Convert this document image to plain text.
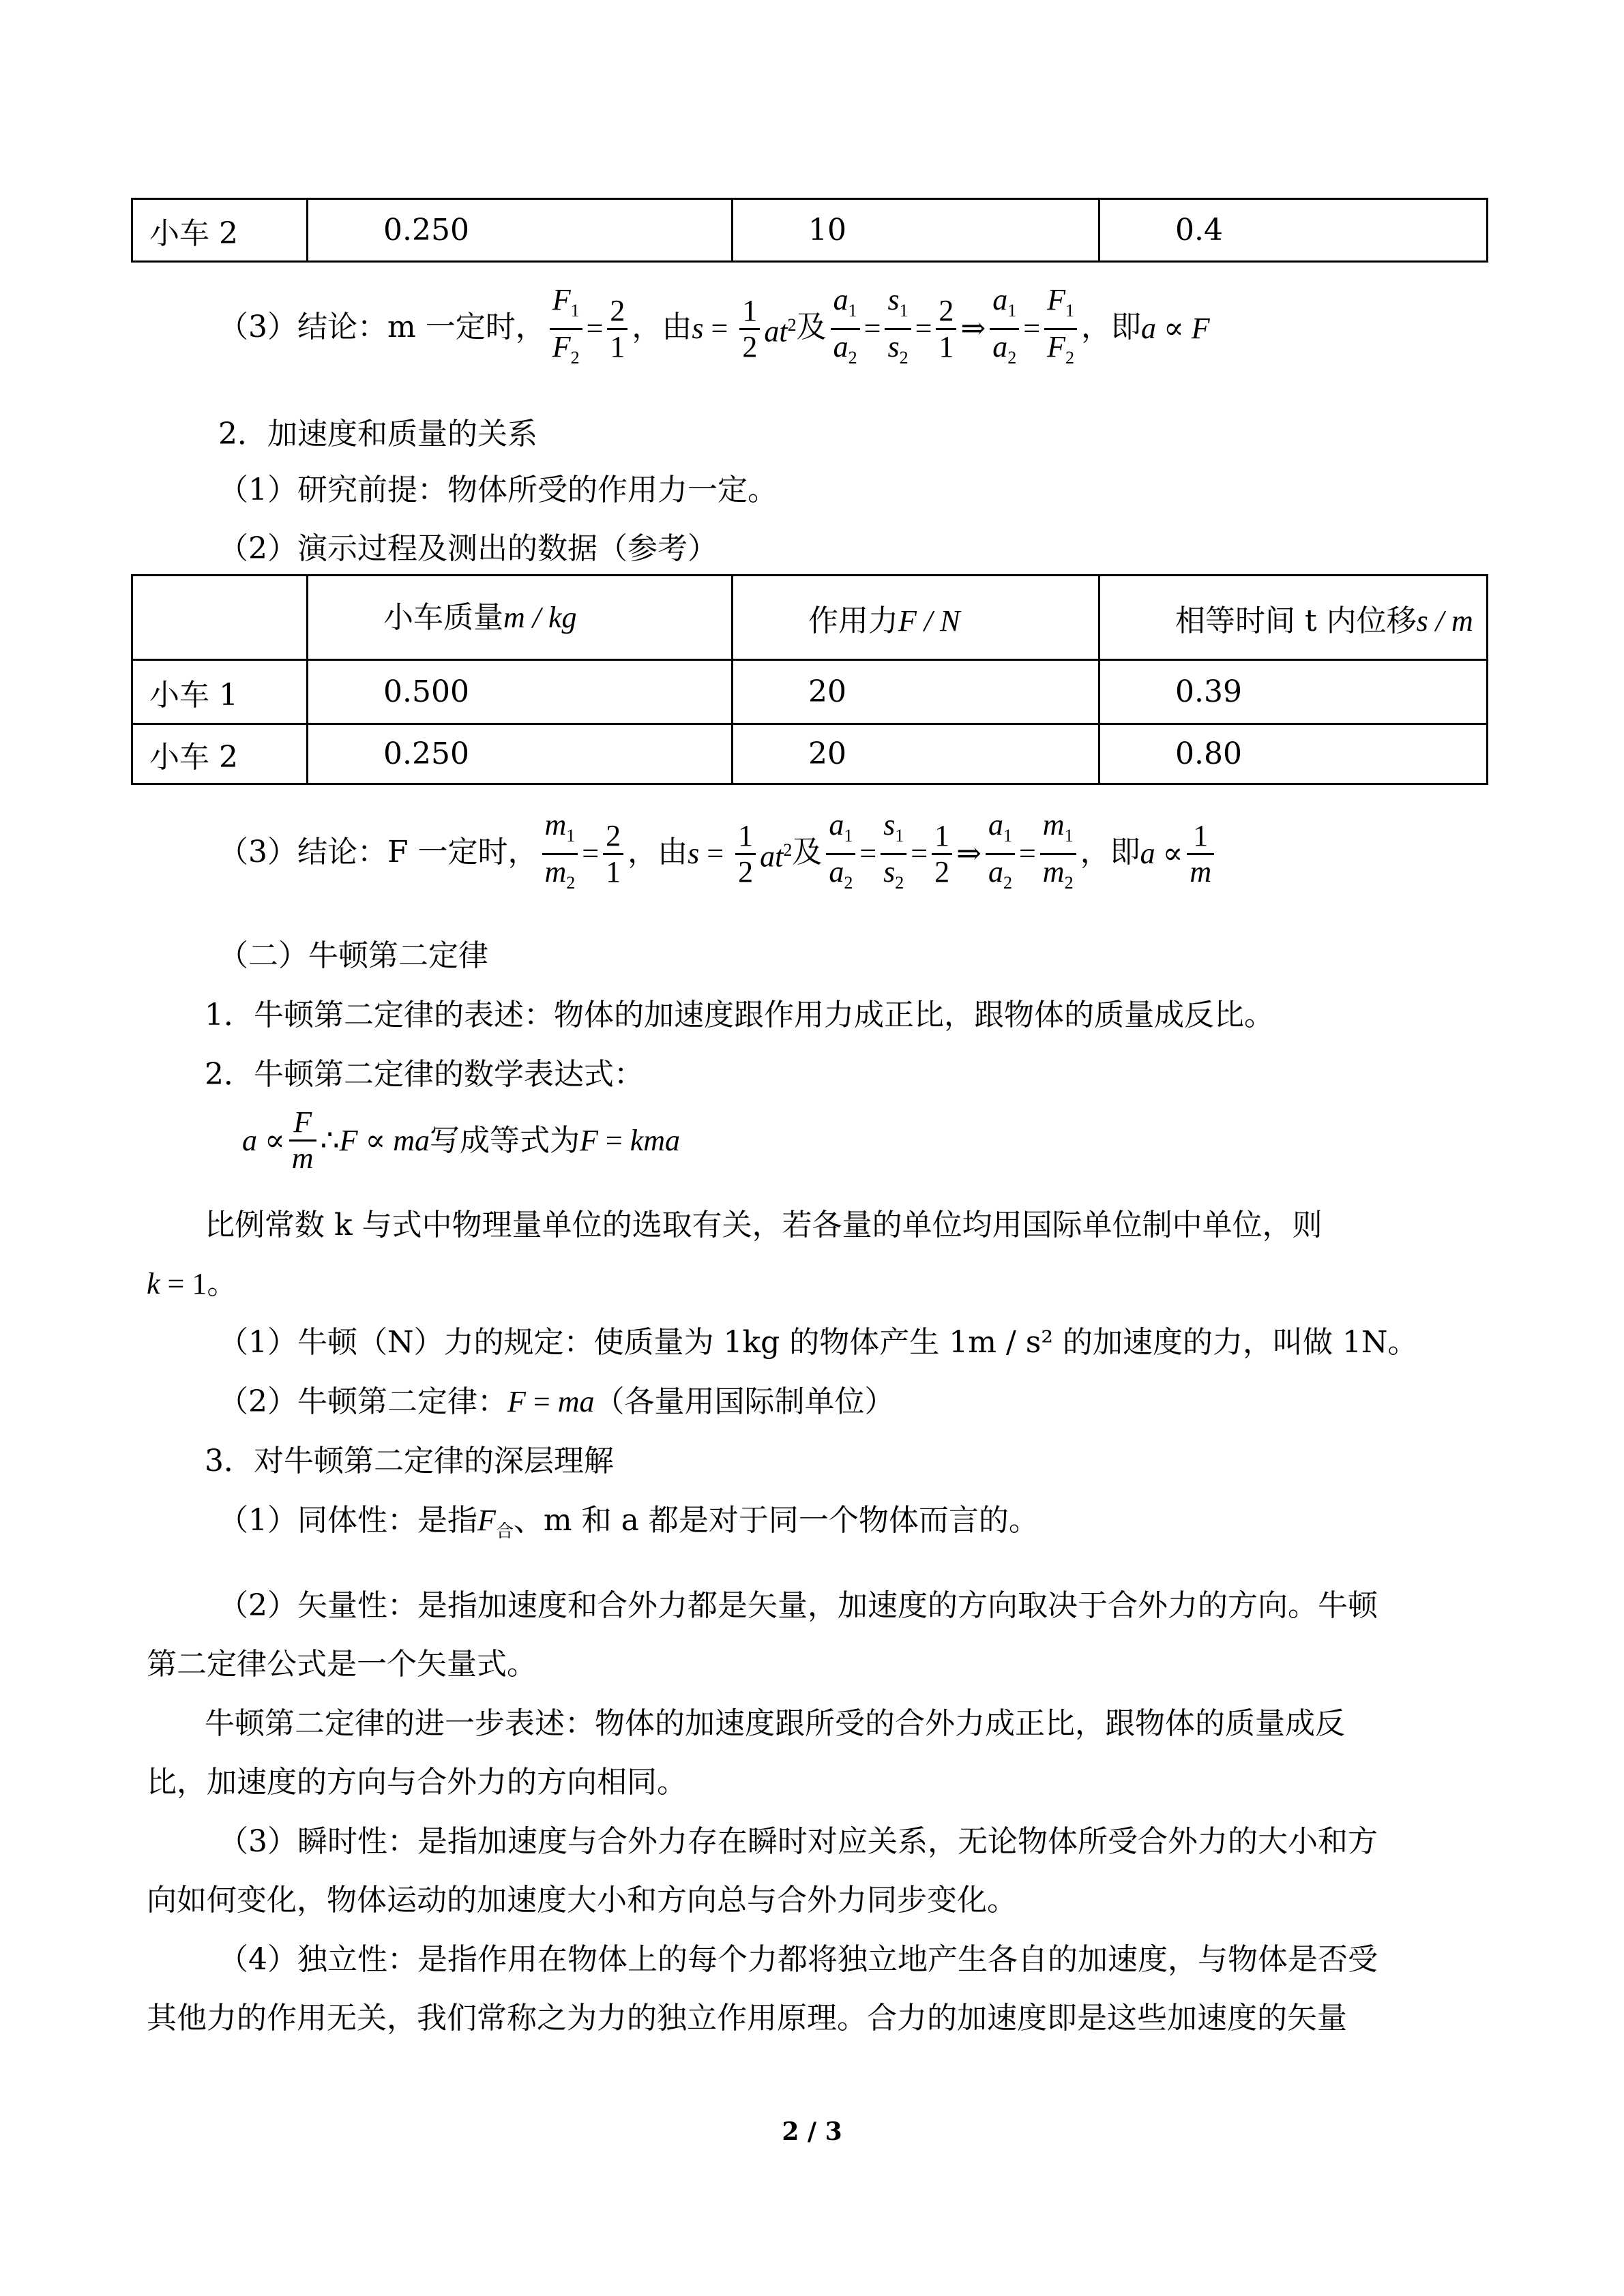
小车 2	0.250	10	0.4
（3）结论：m 一定时， $\frac{F_1}{F_2} = \frac{2}{1}$ ，由$s = \frac{1}{2} at^2$及 $\frac{a_1}{a_2} = \frac{s_1}{s_2} = \frac{2}{1}$ ⇒ $\frac{a_1}{a_2} = \frac{F_1}{F_2}$ ，即a ∝ F
2．加速度和质量的关系
（1）研究前提：物体所受的作用力一定。
（2）演示过程及测出的数据（参考）
	小车质量m / kg	作用力F / N	相等时间 t 内位移s / m
小车 1	0.500	20	0.39
小车 2	0.250	20	0.80
（3）结论：F 一定时， $\frac{m_1}{m_2} = \frac{2}{1}$ ，由$s = \frac{1}{2} at^2$及 $\frac{a_1}{a_2} = \frac{s_1}{s_2} = \frac{1}{2}$ ⇒ $\frac{a_1}{a_2} = \frac{m_1}{m_2}$ ，即$a \propto \frac{1}{m}$
（二）牛顿第二定律
1．牛顿第二定律的表述：物体的加速度跟作用力成正比，跟物体的质量成反比。
2．牛顿第二定律的数学表达式：
$a \propto \frac{F}{m}$ ∴F ∝ ma写成等式为F = kma
比例常数 k 与式中物理量单位的选取有关，若各量的单位均用国际单位制中单位，则
k = 1。
（1）牛顿（N）力的规定：使质量为 1kg 的物体产生 1m / s² 的加速度的力，叫做 1N。
（2）牛顿第二定律：F = ma（各量用国际制单位）
3．对牛顿第二定律的深层理解
（1）同体性：是指$F_合$、m 和 a 都是对于同一个物体而言的。
（2）矢量性：是指加速度和合外力都是矢量，加速度的方向取决于合外力的方向。牛顿
第二定律公式是一个矢量式。
牛顿第二定律的进一步表述：物体的加速度跟所受的合外力成正比，跟物体的质量成反
比，加速度的方向与合外力的方向相同。
（3）瞬时性：是指加速度与合外力存在瞬时对应关系，无论物体所受合外力的大小和方
向如何变化，物体运动的加速度大小和方向总与合外力同步变化。
（4）独立性：是指作用在物体上的每个力都将独立地产生各自的加速度，与物体是否受
其他力的作用无关，我们常称之为力的独立作用原理。合力的加速度即是这些加速度的矢量
2 / 3
